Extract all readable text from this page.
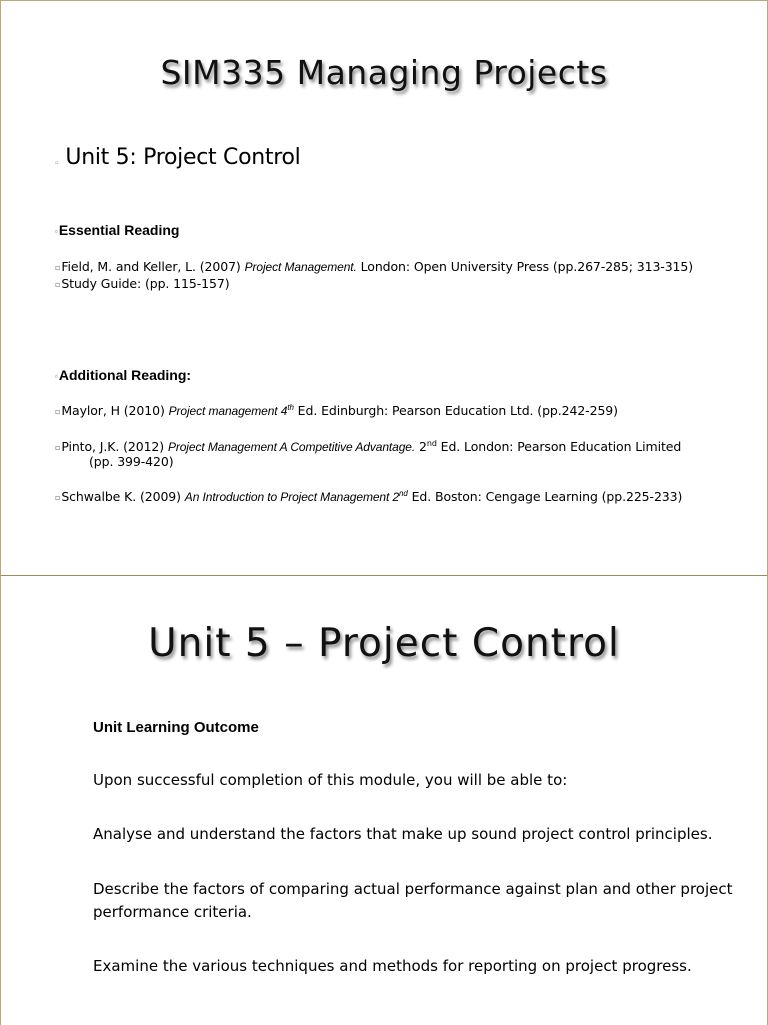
SIM335 Managing Projects
▫ Unit 5: Project Control
▫Essential Reading
▫Field, M. and Keller, L. (2007) Project Management. London: Open University Press (pp.267-285; 313-315)
▫Study Guide: (pp. 115-157)
▫Additional Reading:
▫Maylor, H (2010) Project management 4th Ed. Edinburgh: Pearson Education Ltd. (pp.242-259)
▫Pinto, J.K. (2012) Project Management A Competitive Advantage. 2nd Ed. London: Pearson Education Limited
(pp. 399-420)
▫Schwalbe K. (2009) An Introduction to Project Management 2nd Ed. Boston: Cengage Learning (pp.225-233)
Unit 5 – Project Control
Unit Learning Outcome
Upon successful completion of this module, you will be able to:
Analyse and understand the factors that make up sound project control principles.
Describe the factors of comparing actual performance against plan and other project performance criteria.
Examine the various techniques and methods for reporting on project progress.
